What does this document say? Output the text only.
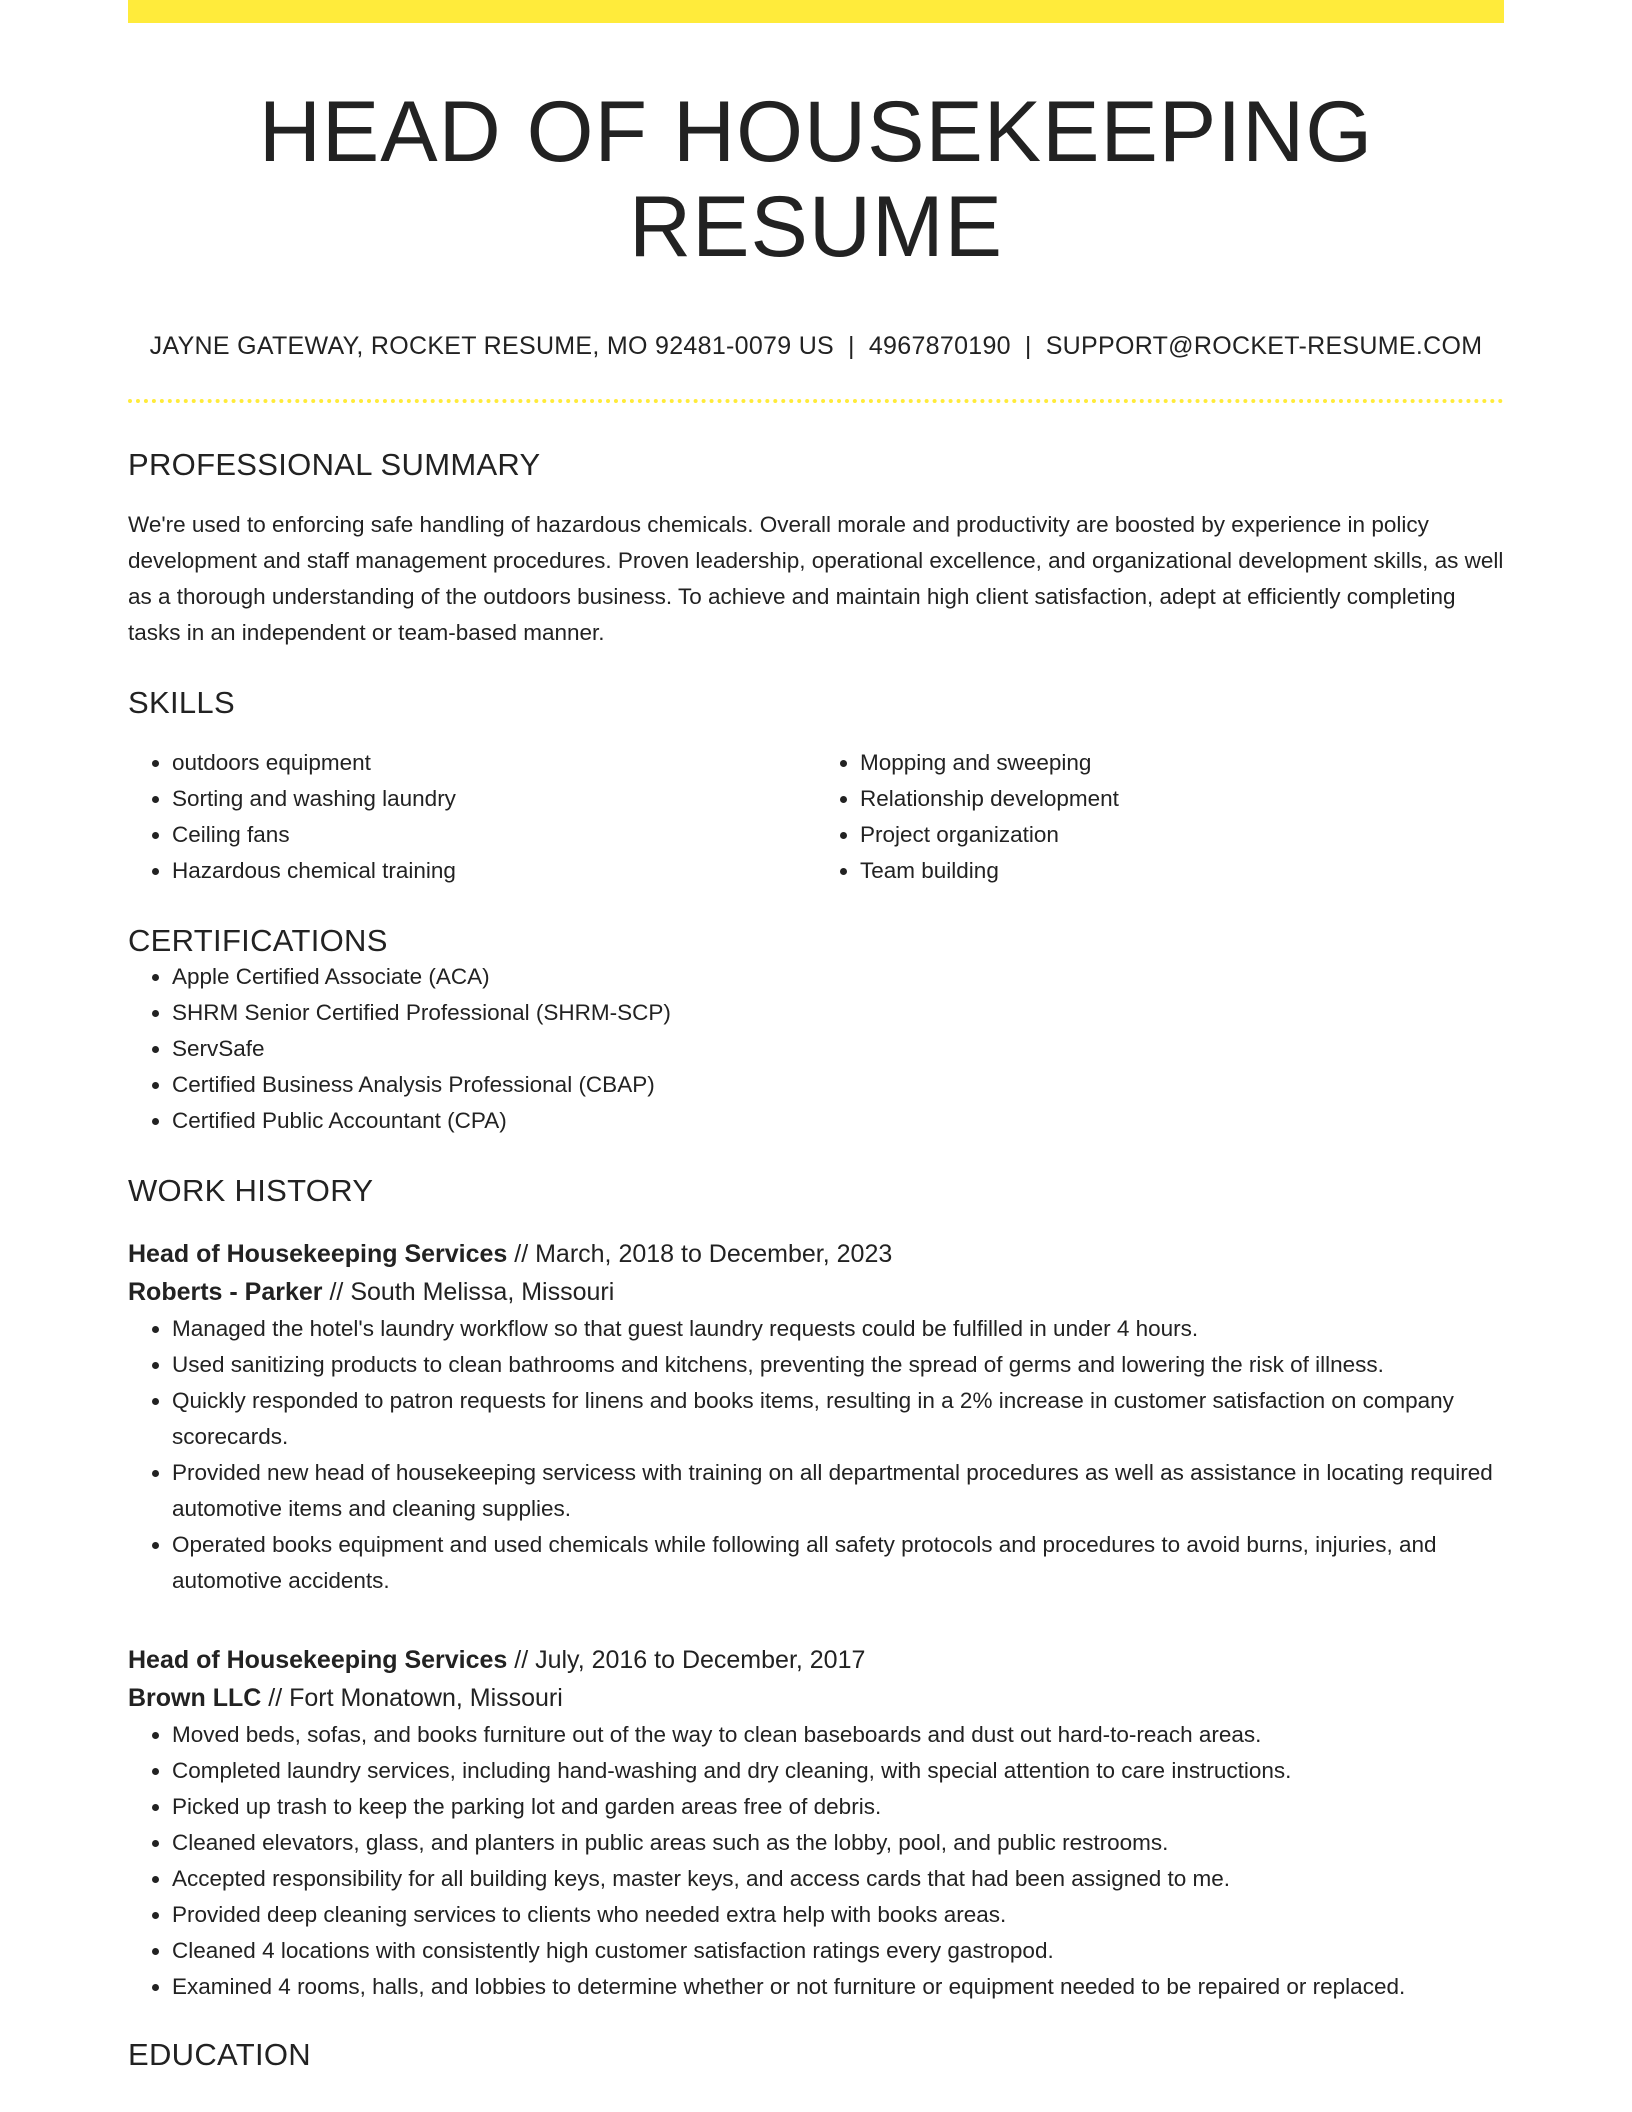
HEAD OF HOUSEKEEPING RESUME
JAYNE GATEWAY, ROCKET RESUME, MO 92481-0079 US | 4967870190 | SUPPORT@ROCKET-RESUME.COM
PROFESSIONAL SUMMARY

We're used to enforcing safe handling of hazardous chemicals. Overall morale and productivity are boosted by experience in policy development and staff management procedures. Proven leadership, operational excellence, and organizational development skills, as well as a thorough understanding of the outdoors business. To achieve and maintain high client satisfaction, adept at efficiently completing tasks in an independent or team-based manner.

SKILLS
• outdoors equipment
• Sorting and washing laundry
• Ceiling fans
• Hazardous chemical training
• Mopping and sweeping
• Relationship development
• Project organization
• Team building
CERTIFICATIONS
• Apple Certified Associate (ACA)
• SHRM Senior Certified Professional (SHRM-SCP)
• ServSafe
• Certified Business Analysis Professional (CBAP)
• Certified Public Accountant (CPA)
WORK HISTORY
Head of Housekeeping Services // March, 2018 to December, 2023
Roberts - Parker // South Melissa, Missouri
• Managed the hotel's laundry workflow so that guest laundry requests could be fulfilled in under 4 hours.
• Used sanitizing products to clean bathrooms and kitchens, preventing the spread of germs and lowering the risk of illness.
• Quickly responded to patron requests for linens and books items, resulting in a 2% increase in customer satisfaction on company scorecards.
• Provided new head of housekeeping servicess with training on all departmental procedures as well as assistance in locating required automotive items and cleaning supplies.
• Operated books equipment and used chemicals while following all safety protocols and procedures to avoid burns, injuries, and automotive accidents.
Head of Housekeeping Services // July, 2016 to December, 2017
Brown LLC // Fort Monatown, Missouri
• Moved beds, sofas, and books furniture out of the way to clean baseboards and dust out hard-to-reach areas.
• Completed laundry services, including hand-washing and dry cleaning, with special attention to care instructions.
• Picked up trash to keep the parking lot and garden areas free of debris.
• Cleaned elevators, glass, and planters in public areas such as the lobby, pool, and public restrooms.
• Accepted responsibility for all building keys, master keys, and access cards that had been assigned to me.
• Provided deep cleaning services to clients who needed extra help with books areas.
• Cleaned 4 locations with consistently high customer satisfaction ratings every gastropod.
• Examined 4 rooms, halls, and lobbies to determine whether or not furniture or equipment needed to be repaired or replaced.
EDUCATION
